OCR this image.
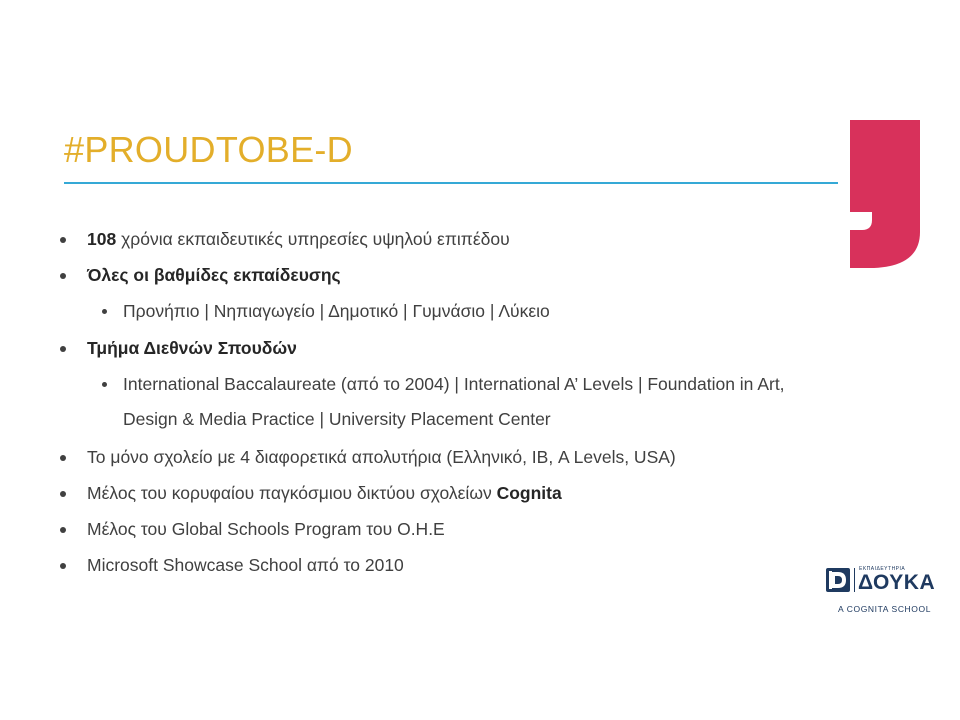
#PROUDTOBE-D
108 χρόνια εκπαιδευτικές υπηρεσίες υψηλού επιπέδου
Όλες οι βαθμίδες εκπαίδευσης
Προνήπιο | Νηπιαγωγείο | Δημοτικό | Γυμνάσιο | Λύκειο
Τμήμα Διεθνών Σπουδών
International Baccalaureate (από το 2004) | International A’ Levels | Foundation in Art,
Design & Media Practice | University Placement Center
Το μόνο σχολείο με 4 διαφορετικά απολυτήρια (Ελληνικό, ΙΒ, A Levels, USA)
Μέλος του κορυφαίου παγκόσμιου δικτύου σχολείων Cognita
Μέλος του Global Schools Program του Ο.Η.Ε
Microsoft Showcase School από το 2010	ΕΚΠΑΙΔΕΥΤΗΡΙΑ
ΔΟΥΚΑ
A COGNITA SCHOOL
